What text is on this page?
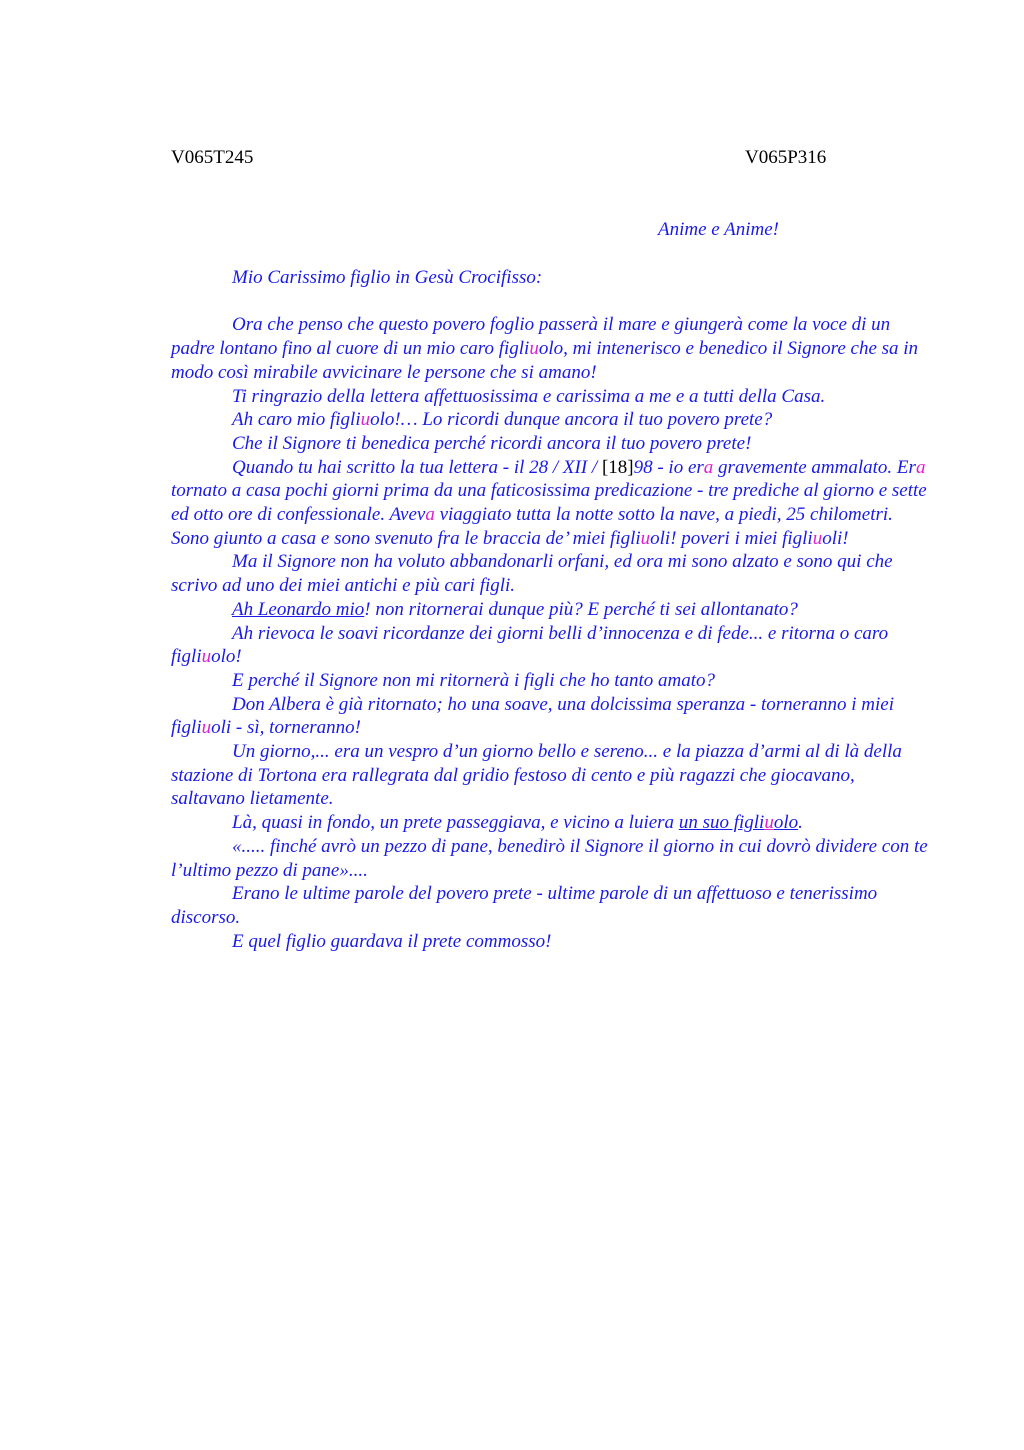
V065T245	V065P316
Anime e Anime!

Mio Carissimo figlio in Gesù Crocifisso:

Ora che penso che questo povero foglio passerà il mare e giungerà come la voce di un padre lontano fino al cuore di un mio caro figliuolo, mi intenerisco e benedico il Signore che sa in modo così mirabile avvicinare le persone che si amano!

Ti ringrazio della lettera affettuosissima e carissima a me e a tutti della Casa.

Ah caro mio figliuolo!… Lo ricordi dunque ancora il tuo povero prete?

Che il Signore ti benedica perché ricordi ancora il tuo povero prete!

Quando tu hai scritto la tua lettera - il 28 / XII / [18]98 - io era gravemente ammalato. Era tornato a casa pochi giorni prima da una faticosissima predicazione - tre prediche al giorno e sette ed otto ore di confessionale. Aveva viaggiato tutta la notte sotto la nave, a piedi, 25 chilometri. Sono giunto a casa e sono svenuto fra le braccia de’ miei figliuoli! poveri i miei figliuoli!

Ma il Signore non ha voluto abbandonarli orfani, ed ora mi sono alzato e sono qui che scrivo ad uno dei miei antichi e più cari figli.

Ah Leonardo mio! non ritornerai dunque più? E perché ti sei allontanato?

Ah rievoca le soavi ricordanze dei giorni belli d’innocenza e di fede... e ritorna o caro figliuolo!

E perché il Signore non mi ritornerà i figli che ho tanto amato?

Don Albera è già ritornato; ho una soave, una dolcissima speranza - torneranno i miei figliuoli - sì, torneranno!

Un giorno,... era un vespro d’un giorno bello e sereno... e la piazza d’armi al di là della stazione di Tortona era rallegrata dal gridio festoso di cento e più ragazzi che giocavano, saltavano lietamente.

Là, quasi in fondo, un prete passeggiava, e vicino a luiera un suo figliuolo.

«..... finché avrò un pezzo di pane, benedirò il Signore il giorno in cui dovrò dividere con te l’ultimo pezzo di pane»....

Erano le ultime parole del povero prete - ultime parole di un affettuoso e tenerissimo discorso.

E quel figlio guardava il prete commosso!
